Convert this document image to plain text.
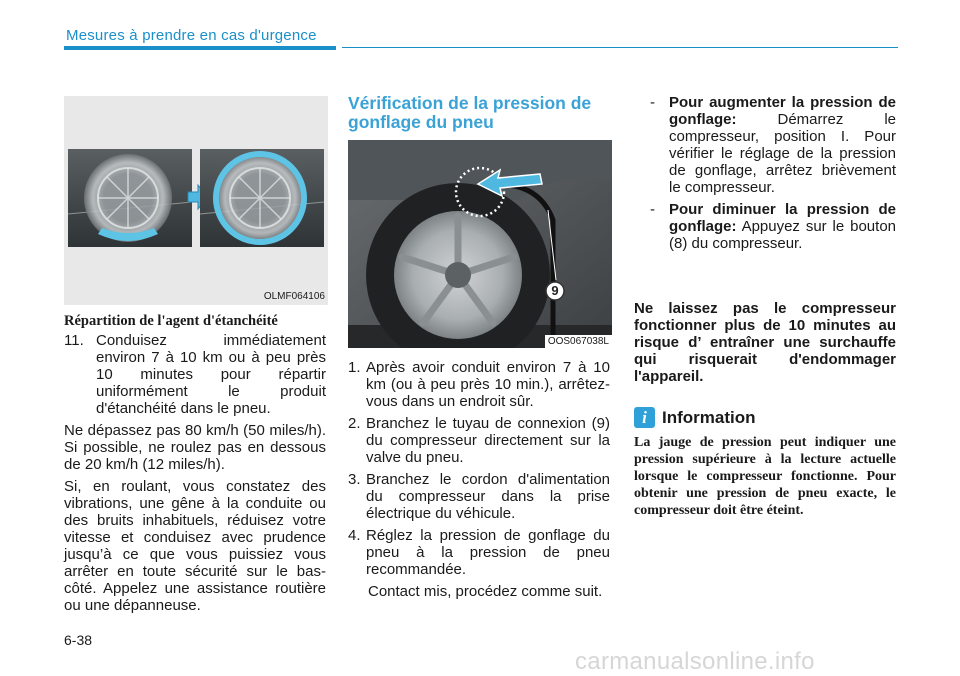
Mesures à prendre en cas d'urgence
OLMF064106
Répartition de l'agent d'étanchéité
11. Conduisez immédiatement environ 7 à 10 km ou à peu près 10 minutes pour répartir uniformément le produit d'étanchéité dans le pneu.

Ne dépassez pas 80 km/h (50 miles/h). Si possible, ne roulez pas en dessous de 20 km/h (12 miles/h).

Si, en roulant, vous constatez des vibrations, une gêne à la conduite ou des bruits inhabituels, réduisez votre vitesse et conduisez avec prudence jusqu’à ce que vous puissiez vous arrêter en toute sécurité sur le bas-côté. Appelez une assistance routière ou une dépanneuse.

Vérification de la pression de gonflage du pneu
9
OOS067038L
1. Après avoir conduit environ 7 à 10 km (ou à peu près 10 min.), arrêtez-vous dans un endroit sûr.
2. Branchez le tuyau de connexion (9) du compresseur directement sur la valve du pneu.
3. Branchez le cordon d'alimentation du compresseur dans la prise électrique du véhicule.
4. Réglez la pression de gonflage du pneu à la pression de pneu recommandée.

Contact mis, procédez comme suit.

- Pour augmenter la pression de gonflage: Démarrez le compresseur, position I. Pour vérifier le réglage de la pression de gonflage, arrêtez brièvement le compresseur.
- Pour diminuer la pression de gonflage: Appuyez sur le bouton (8) du compresseur.
Ne laissez pas le compresseur fonctionner plus de 10 minutes au risque d’ entraîner une surchauffe qui risquerait d'endommager l'appareil.
i Information
La jauge de pression peut indiquer une pression supérieure à la lecture actuelle lorsque le compresseur fonctionne. Pour obtenir une pression de pneu exacte, le compresseur doit être éteint.
6-38
carmanualsonline.info
